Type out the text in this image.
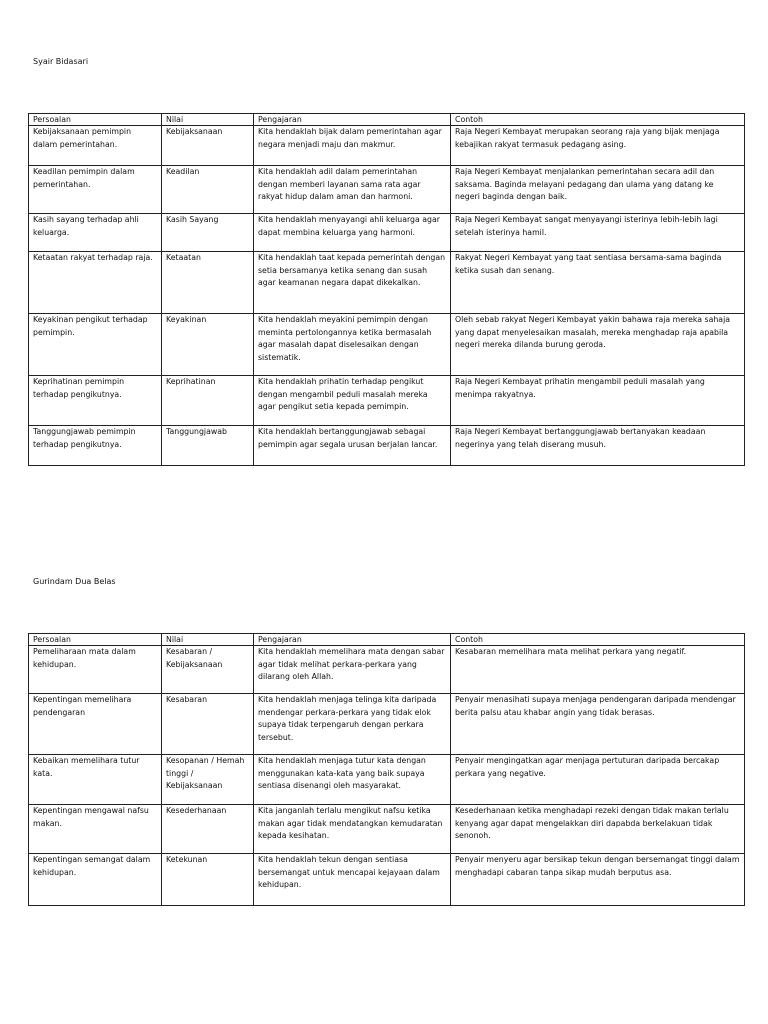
Syair Bidasari
Persoalan	Nilai	Pengajaran	Contoh
Kebijaksanaan pemimpin dalam pemerintahan.	Kebijaksanaan	Kita hendaklah bijak dalam pemerintahan agar negara menjadi maju dan makmur.	Raja Negeri Kembayat merupakan seorang raja yang bijak menjaga kebajikan rakyat termasuk pedagang asing.
Keadilan pemimpin dalam pemerintahan.	Keadilan	Kita hendaklah adil dalam pemerintahan dengan memberi layanan sama rata agar rakyat hidup dalam aman dan harmoni.	Raja Negeri Kembayat menjalankan pemerintahan secara adil dan saksama. Baginda melayani pedagang dan ulama yang datang ke negeri baginda dengan baik.
Kasih sayang terhadap ahli keluarga.	Kasih Sayang	Kita hendaklah menyayangi ahli keluarga agar dapat membina keluarga yang harmoni.	Raja Negeri Kembayat sangat menyayangi isterinya lebih-lebih lagi setelah isterinya hamil.
Ketaatan rakyat terhadap raja.	Ketaatan	Kita hendaklah taat kepada pemerintah dengan setia bersamanya ketika senang dan susah agar keamanan negara dapat dikekalkan.	Rakyat Negeri Kembayat yang taat sentiasa bersama-sama baginda ketika susah dan senang.
Keyakinan pengikut terhadap pemimpin.	Keyakinan	Kita hendaklah meyakini pemimpin dengan meminta pertolongannya ketika bermasalah agar masalah dapat diselesaikan dengan sistematik.	Oleh sebab rakyat Negeri Kembayat yakin bahawa raja mereka sahaja yang dapat menyelesaikan masalah, mereka menghadap raja apabila negeri mereka dilanda burung geroda.
Keprihatinan pemimpin terhadap pengikutnya.	Keprihatinan	Kita hendaklah prihatin terhadap pengikut dengan mengambil peduli masalah mereka agar pengikut setia kepada pemimpin.	Raja Negeri Kembayat prihatin mengambil peduli masalah yang menimpa rakyatnya.
Tanggungjawab pemimpin terhadap pengikutnya.	Tanggungjawab	Kita hendaklah bertanggungjawab sebagai pemimpin agar segala urusan berjalan lancar.	Raja Negeri Kembayat bertanggungjawab bertanyakan keadaan negerinya yang telah diserang musuh.
Gurindam Dua Belas
Persoalan	Nilai	Pengajaran	Contoh
Pemeliharaan mata dalam kehidupan.	Kesabaran / Kebijaksanaan	Kita hendaklah memelihara mata dengan sabar agar tidak melihat perkara-perkara yang dilarang oleh Allah.	Kesabaran memelihara mata melihat perkara yang negatif.
Kepentingan memelihara pendengaran	Kesabaran	Kita hendaklah menjaga telinga kita daripada mendengar perkara-perkara yang tidak elok supaya tidak terpengaruh dengan perkara tersebut.	Penyair menasihati supaya menjaga pendengaran daripada mendengar berita palsu atau khabar angin yang tidak berasas.
Kebaikan memelihara tutur kata.	Kesopanan / Hemah tinggi / Kebijaksanaan	Kita hendaklah menjaga tutur kata dengan menggunakan kata-kata yang baik supaya sentiasa disenangi oleh masyarakat.	Penyair mengingatkan agar menjaga pertuturan daripada bercakap perkara yang negative.
Kepentingan mengawal nafsu makan.	Kesederhanaan	Kita janganlah terlalu mengikut nafsu ketika makan agar tidak mendatangkan kemudaratan kepada kesihatan.	Kesederhanaan ketika menghadapi rezeki dengan tidak makan terlalu kenyang agar dapat mengelakkan diri dapabda berkelakuan tidak senonoh.
Kepentingan semangat dalam kehidupan.	Ketekunan	Kita hendaklah tekun dengan sentiasa bersemangat untuk mencapai kejayaan dalam kehidupan.	Penyair menyeru agar bersikap tekun dengan bersemangat tinggi dalam menghadapi cabaran tanpa sikap mudah berputus asa.
